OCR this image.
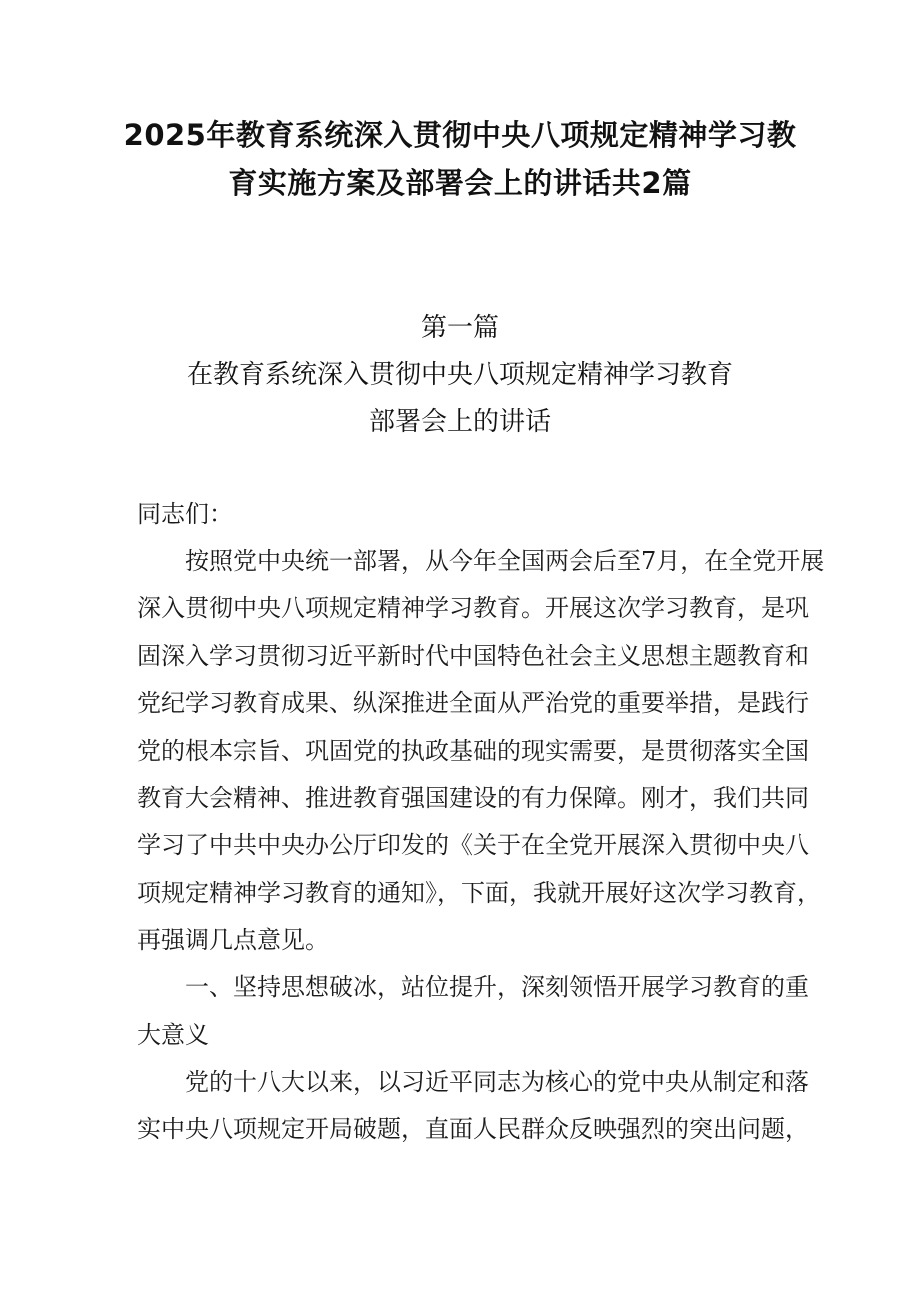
2025年教育系统深入贯彻中央八项规定精神学习教
育实施方案及部署会上的讲话共2篇
第一篇
在教育系统深入贯彻中央八项规定精神学习教育
部署会上的讲话
同志们：
按照党中央统一部署，从今年全国两会后至7月，在全党开展
深入贯彻中央八项规定精神学习教育。开展这次学习教育，是巩
固深入学习贯彻习近平新时代中国特色社会主义思想主题教育和
党纪学习教育成果、纵深推进全面从严治党的重要举措，是践行
党的根本宗旨、巩固党的执政基础的现实需要，是贯彻落实全国
教育大会精神、推进教育强国建设的有力保障。刚才，我们共同
学习了中共中央办公厅印发的《关于在全党开展深入贯彻中央八
项规定精神学习教育的通知》，下面，我就开展好这次学习教育，
再强调几点意见。
一、坚持思想破冰，站位提升，深刻领悟开展学习教育的重
大意义
党的十八大以来，以习近平同志为核心的党中央从制定和落
实中央八项规定开局破题，直面人民群众反映强烈的突出问题，
